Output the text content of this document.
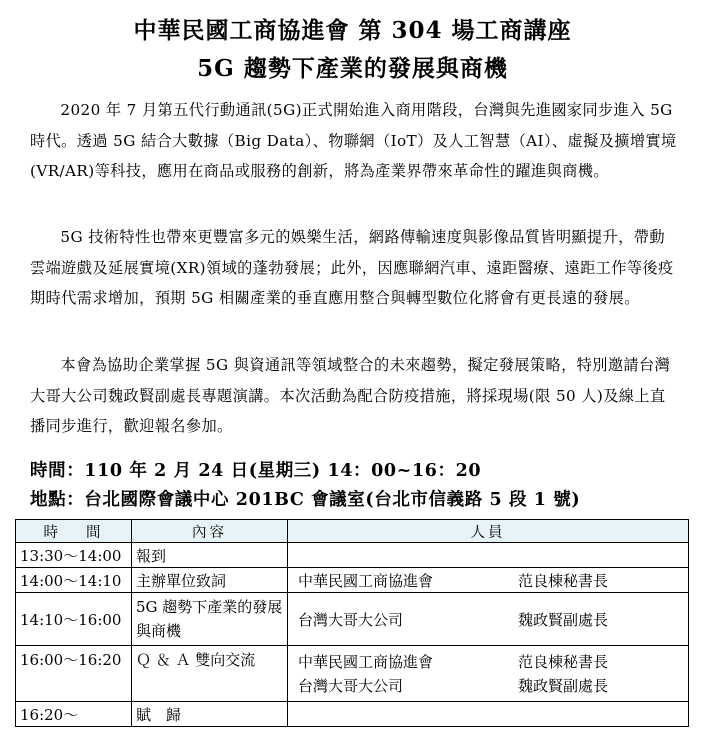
中華民國工商協進會 第 304 場工商講座
5G 趨勢下產業的發展與商機

2020 年 7 月第五代行動通訊(5G)正式開始進入商用階段，台灣與先進國家同步進入 5G 時代。透過 5G 結合大數據（Big Data）、物聯網（IoT）及人工智慧（AI）、虛擬及擴增實境(VR/AR)等科技，應用在商品或服務的創新，將為產業界帶來革命性的躍進與商機。

5G 技術特性也帶來更豐富多元的娛樂生活，網路傳輸速度與影像品質皆明顯提升，帶動雲端遊戲及延展實境(XR)領域的蓬勃發展；此外，因應聯網汽車、遠距醫療、遠距工作等後疫期時代需求增加，預期 5G 相關產業的垂直應用整合與轉型數位化將會有更長遠的發展。

本會為協助企業掌握 5G 與資通訊等領域整合的未來趨勢，擬定發展策略，特別邀請台灣大哥大公司魏政賢副處長專題演講。本次活動為配合防疫措施，將採現場(限 50 人)及線上直播同步進行，歡迎報名參加。

時間：110 年 2 月 24 日(星期三) 14：00~16：20

地點：台北國際會議中心 201BC 會議室(台北市信義路 5 段 1 號)

時　 間	內容	人員
13:30～14:00	報到	
14:00～14:10	主辦單位致詞	中華民國工商協進會 范良棟秘書長
14:10～16:00	5G 趨勢下產業的發展與商機	台灣大哥大公司 魏政賢副處長
16:00～16:20	Ｑ ＆ Ａ 雙向交流	中華民國工商協進會 范良棟秘書長
台灣大哥大公司 魏政賢副處長

16:20～	賦　歸	
